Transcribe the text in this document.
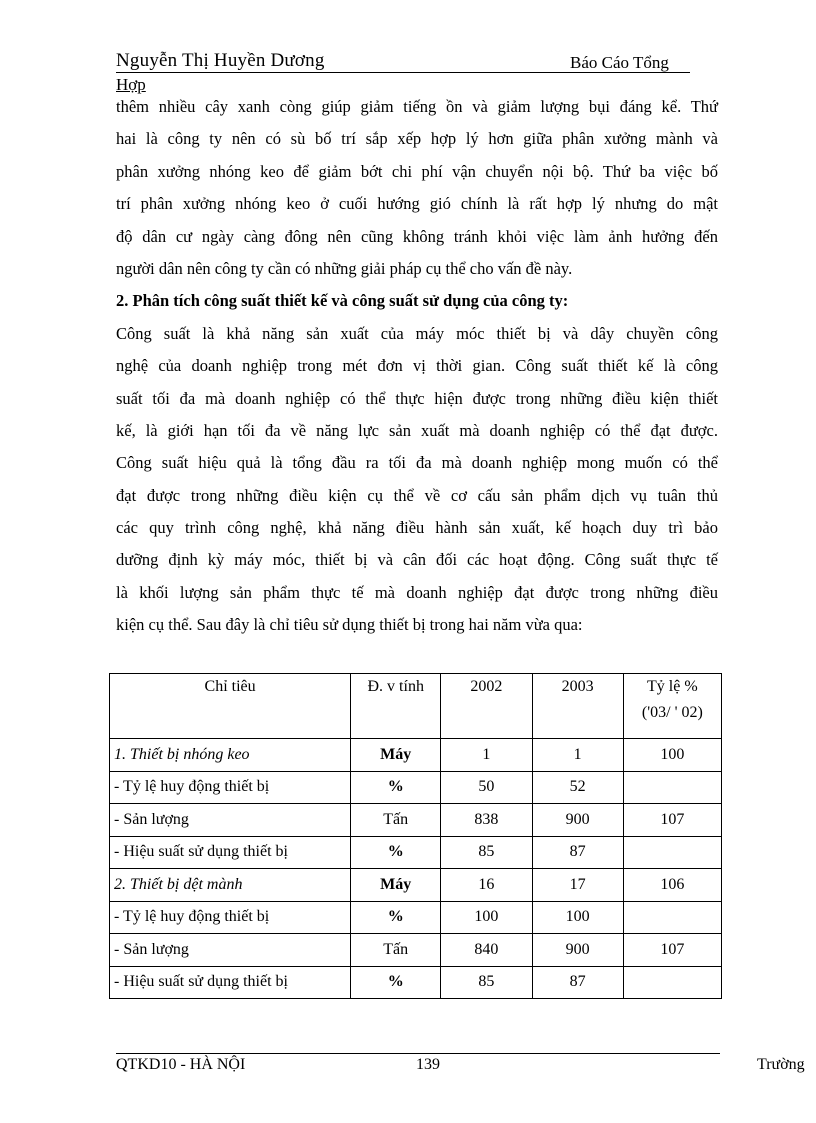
Nguyễn Thị Huyền Dương	Báo Cáo Tổng
Hợp
thêm nhiều cây xanh còng giúp giảm tiếng ồn và giảm lượng bụi đáng kể. Thứ
hai là công ty nên có sù bố trí sắp xếp hợp lý hơn giữa phân xưởng mành và
phân xưởng nhóng keo để giảm bớt chi phí vận chuyển nội bộ. Thứ ba việc bố
trí phân xưởng nhóng keo ở cuối hướng gió chính là rất hợp lý nhưng do mật
độ dân cư ngày càng đông nên cũng không tránh khỏi việc làm ảnh hưởng đến
người dân nên công ty cần có những giải pháp cụ thể cho vấn đề này.
2. Phân tích công suất thiết kế và công suất sử dụng của công ty:
Công suất là khả năng sản xuất của máy móc thiết bị và dây chuyền công
nghệ của doanh nghiệp trong mét đơn vị thời gian. Công suất thiết kế là công
suất tối đa mà doanh nghiệp có thể thực hiện được trong những điều kiện thiết
kế, là giới hạn tối đa về năng lực sản xuất mà doanh nghiệp có thể đạt được.
Công suất hiệu quả là tổng đầu ra tối đa mà doanh nghiệp mong muốn có thể
đạt được trong những điều kiện cụ thể về cơ cấu sản phẩm dịch vụ tuân thủ
các quy trình công nghệ, khả năng điều hành sản xuất, kế hoạch duy trì bảo
dưỡng định kỳ máy móc, thiết bị và cân đối các hoạt động. Công suất thực tế
là khối lượng sản phẩm thực tế mà doanh nghiệp đạt được trong những điều
kiện cụ thể. Sau đây là chỉ tiêu sử dụng thiết bị trong hai năm vừa qua:
Chỉ tiêu	Đ. v tính	2002	2003	Tỷ lệ %
('03/ ' 02)

1. Thiết bị nhóng keo	Máy	1	1	100
- Tỷ lệ huy động thiết bị	%	50	52	
- Sản lượng	Tấn	838	900	107
- Hiệu suất sử dụng thiết bị	%	85	87	
2. Thiết bị dệt mành	Máy	16	17	106
- Tỷ lệ huy động thiết bị	%	100	100	
- Sản lượng	Tấn	840	900	107
- Hiệu suất sử dụng thiết bị	%	85	87	
QTKD10 - HÀ NỘI	139	Trường
